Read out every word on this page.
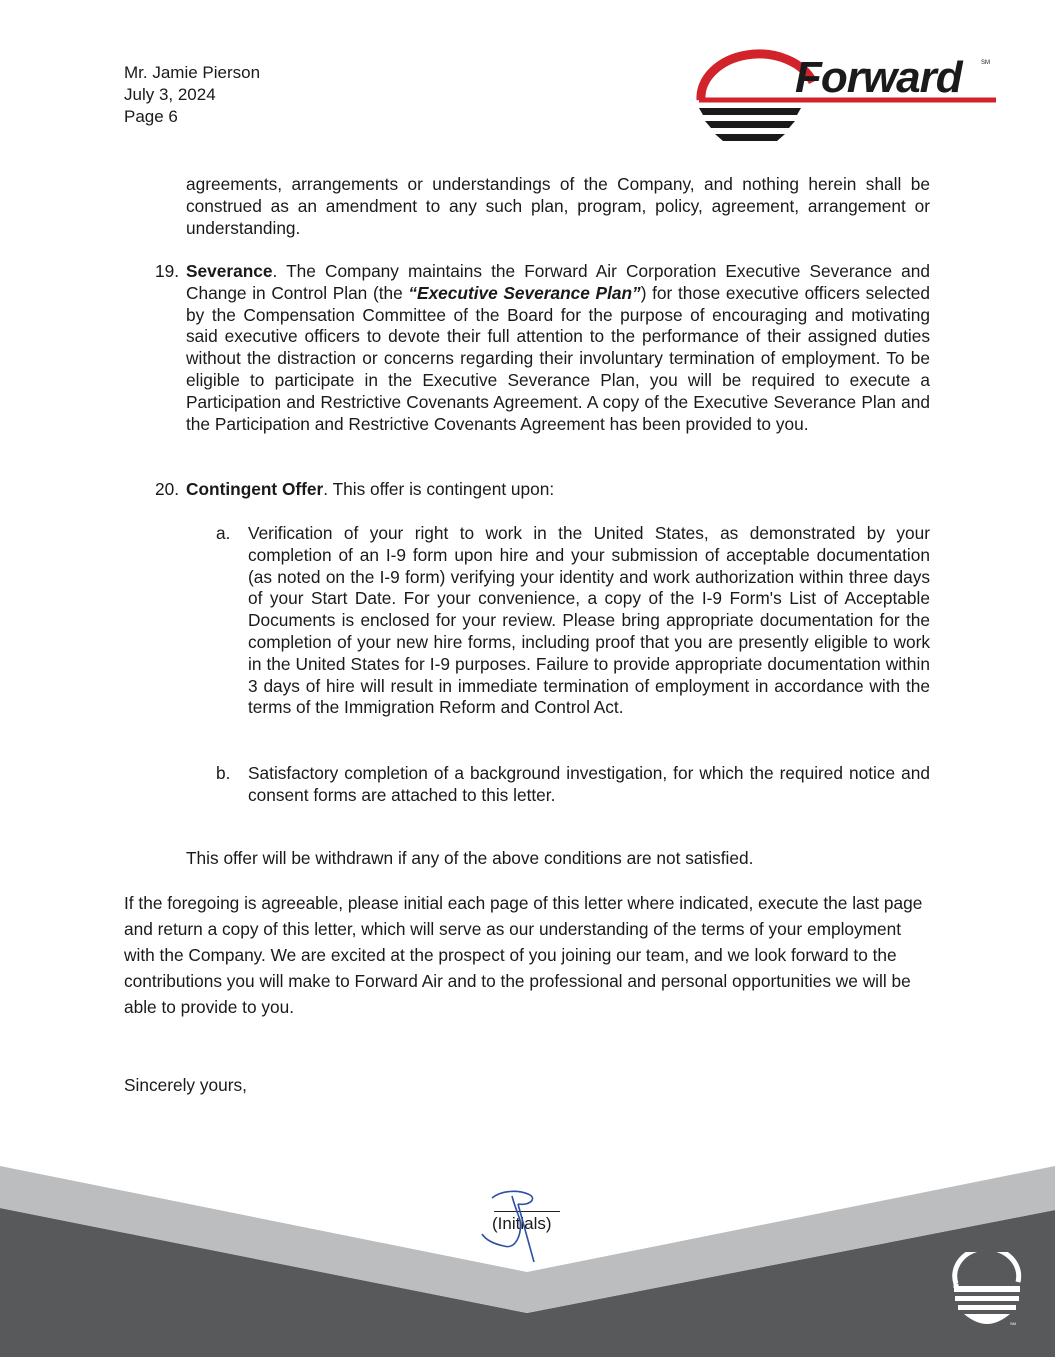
Mr. Jamie Pierson
July 3, 2024
Page 6
Forward	SM
agreements, arrangements or understandings of the Company, and nothing herein shall be construed as an amendment to any such plan, program, policy, agreement, arrangement or understanding.
19. Severance. The Company maintains the Forward Air Corporation Executive Severance and Change in Control Plan (the “Executive Severance Plan”) for those executive officers selected by the Compensation Committee of the Board for the purpose of encouraging and motivating said executive officers to devote their full attention to the performance of their assigned duties without the distraction or concerns regarding their involuntary termination of employment. To be eligible to participate in the Executive Severance Plan, you will be required to execute a Participation and Restrictive Covenants Agreement. A copy of the Executive Severance Plan and the Participation and Restrictive Covenants Agreement has been provided to you.
20. Contingent Offer. This offer is contingent upon:
a. Verification of your right to work in the United States, as demonstrated by your completion of an I-9 form upon hire and your submission of acceptable documentation (as noted on the I-9 form) verifying your identity and work authorization within three days of your Start Date. For your convenience, a copy of the I-9 Form's List of Acceptable Documents is enclosed for your review. Please bring appropriate documentation for the completion of your new hire forms, including proof that you are presently eligible to work in the United States for I-9 purposes. Failure to provide appropriate documentation within 3 days of hire will result in immediate termination of employment in accordance with the terms of the Immigration Reform and Control Act.
b. Satisfactory completion of a background investigation, for which the required notice and consent forms are attached to this letter.
This offer will be withdrawn if any of the above conditions are not satisfied.
If the foregoing is agreeable, please initial each page of this letter where indicated, execute the last page and return a copy of this letter, which will serve as our understanding of the terms of your employment with the Company. We are excited at the prospect of you joining our team, and we look forward to the contributions you will make to Forward Air and to the professional and personal opportunities we will be able to provide to you.
Sincerely yours,
(Initials)
SM
